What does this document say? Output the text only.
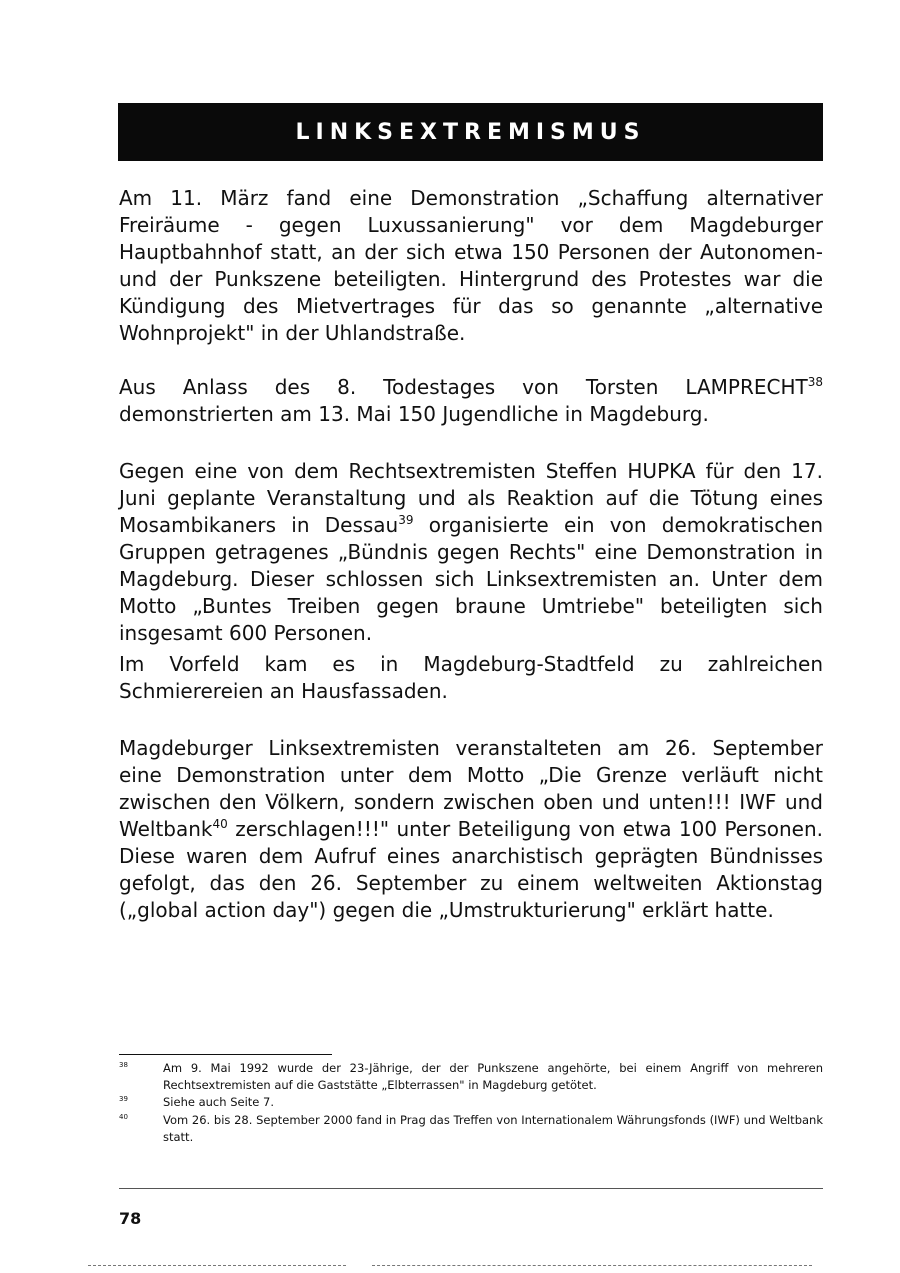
LINKSEXTREMISMUS

Am 11. März fand eine Demonstration „Schaffung alternativer Freiräume - gegen Luxussanierung" vor dem Magdeburger Hauptbahnhof statt, an der sich etwa 150 Personen der Autonomen- und der Punkszene beteiligten. Hintergrund des Protestes war die Kündigung des Mietvertrages für das so genannte „alternative Wohnprojekt" in der Uhlandstraße.

Aus Anlass des 8. Todestages von Torsten LAMPRECHT$^{38}$ demonstrierten am 13. Mai 150 Jugendliche in Magdeburg.

Gegen eine von dem Rechtsextremisten Steffen HUPKA für den 17. Juni geplante Veranstaltung und als Reaktion auf die Tötung eines Mosambikaners in Dessau$^{39}$ organisierte ein von demokratischen Gruppen getragenes „Bündnis gegen Rechts" eine Demonstration in Magdeburg. Dieser schlossen sich Linksextremisten an. Unter dem Motto „Buntes Treiben gegen braune Umtriebe" beteiligten sich insgesamt 600 Personen.

Im Vorfeld kam es in Magdeburg-Stadtfeld zu zahlreichen Schmierereien an Hausfassaden.

Magdeburger Linksextremisten veranstalteten am 26. September eine Demonstration unter dem Motto „Die Grenze verläuft nicht zwischen den Völkern, sondern zwischen oben und unten!!! IWF und Weltbank$^{40}$ zerschlagen!!!" unter Beteiligung von etwa 100 Personen. Diese waren dem Aufruf eines anarchistisch geprägten Bündnisses gefolgt, das den 26. September zu einem weltweiten Aktionstag („global action day") gegen die „Umstrukturierung" erklärt hatte.

38	Am 9. Mai 1992 wurde der 23-Jährige, der der Punkszene angehörte, bei einem Angriff von mehreren Rechtsextremisten auf die Gaststätte „Elbterrassen" in Magdeburg getötet.
39	Siehe auch Seite 7.
40	Vom 26. bis 28. September 2000 fand in Prag das Treffen von Internationalem Währungsfonds (IWF) und Weltbank statt.
78
